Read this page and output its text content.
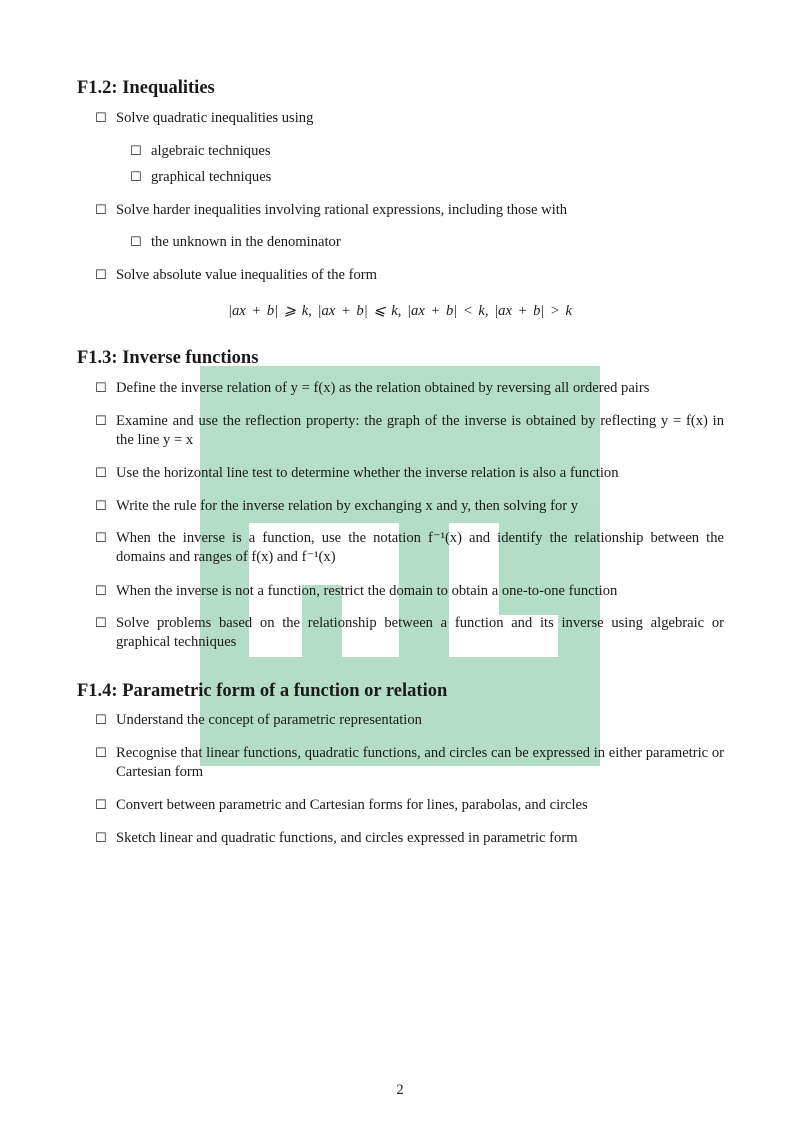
F1.2: Inequalities
☐ Solve quadratic inequalities using
☐ algebraic techniques
☐ graphical techniques
☐ Solve harder inequalities involving rational expressions, including those with
☐ the unknown in the denominator
☐ Solve absolute value inequalities of the form
|ax + b| ⩾ k, |ax + b| ⩽ k, |ax + b| < k, |ax + b| > k
F1.3: Inverse functions
☐ Define the inverse relation of y = f(x) as the relation obtained by reversing all ordered pairs
☐ Examine and use the reflection property: the graph of the inverse is obtained by reflecting y = f(x) in the line y = x
☐ Use the horizontal line test to determine whether the inverse relation is also a function
☐ Write the rule for the inverse relation by exchanging x and y, then solving for y
☐ When the inverse is a function, use the notation f⁻¹(x) and identify the relationship between the domains and ranges of f(x) and f⁻¹(x)
☐ When the inverse is not a function, restrict the domain to obtain a one-to-one function
☐ Solve problems based on the relationship between a function and its inverse using algebraic or graphical techniques
F1.4: Parametric form of a function or relation
☐ Understand the concept of parametric representation
☐ Recognise that linear functions, quadratic functions, and circles can be expressed in either parametric or Cartesian form
☐ Convert between parametric and Cartesian forms for lines, parabolas, and circles
☐ Sketch linear and quadratic functions, and circles expressed in parametric form
2
